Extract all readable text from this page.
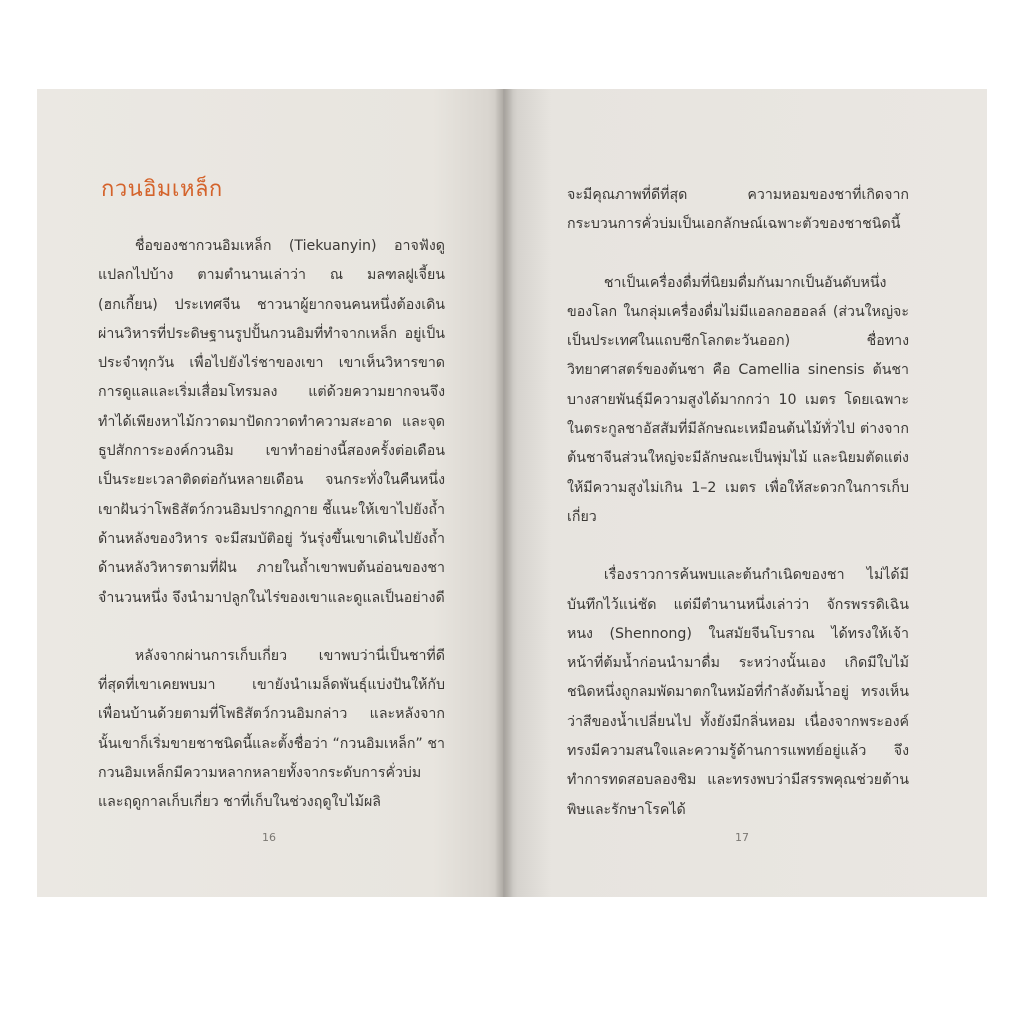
กวนอิมเหล็ก

ชื่อของชากวนอิมเหล็ก (Tiekuanyin) อาจฟังดูแปลกไปบ้าง ตามตำนานเล่าว่า ณ มลฑลฝูเจี้ยน (ฮกเกี้ยน) ประเทศจีน ชาวนาผู้ยากจนคนหนึ่งต้องเดินผ่านวิหารที่ประดิษฐานรูปปั้นกวนอิมที่ทำจากเหล็ก อยู่เป็นประจำทุกวัน เพื่อไปยังไร่ชาของเขา เขาเห็นวิหารขาดการดูแลและเริ่มเสื่อมโทรมลง แต่ด้วยความยากจนจึงทำได้เพียงหาไม้กวาดมาปัดกวาดทำความสะอาด และจุดธูปสักการะองค์กวนอิม เขาทำอย่างนี้สองครั้งต่อเดือน เป็นระยะเวลาติดต่อกันหลายเดือน จนกระทั่งในคืนหนึ่งเขาฝันว่าโพธิสัตว์กวนอิมปรากฏกาย ชี้แนะให้เขาไปยังถ้ำด้านหลังของวิหาร จะมีสมบัติอยู่ วันรุ่งขึ้นเขาเดินไปยังถ้ำด้านหลังวิหารตามที่ฝัน ภายในถ้ำเขาพบต้นอ่อนของชาจำนวนหนึ่ง จึงนำมาปลูกในไร่ของเขาและดูแลเป็นอย่างดี

หลังจากผ่านการเก็บเกี่ยว เขาพบว่านี่เป็นชาที่ดีที่สุดที่เขาเคยพบมา เขายังนำเมล็ดพันธุ์แบ่งปันให้กับเพื่อนบ้านด้วยตามที่โพธิสัตว์กวนอิมกล่าว และหลังจากนั้นเขาก็เริ่มขายชาชนิดนี้และตั้งชื่อว่า “กวนอิมเหล็ก” ชากวนอิมเหล็กมีความหลากหลายทั้งจากระดับการคั่วบ่มและฤดูกาลเก็บเกี่ยว ชาที่เก็บในช่วงฤดูใบไม้ผลิ

16

จะมีคุณภาพที่ดีที่สุด ความหอมของชาที่เกิดจากกระบวนการคั่วบ่มเป็นเอกลักษณ์เฉพาะตัวของชาชนิดนี้

ชาเป็นเครื่องดื่มที่นิยมดื่มกันมากเป็นอันดับหนึ่งของโลก ในกลุ่มเครื่องดื่มไม่มีแอลกอฮอลล์ (ส่วนใหญ่จะเป็นประเทศในแถบซีกโลกตะวันออก) ชื่อทางวิทยาศาสตร์ของต้นชา คือ Camellia sinensis ต้นชาบางสายพันธุ์มีความสูงได้มากกว่า 10 เมตร โดยเฉพาะในตระกูลชาอัสสัมที่มีลักษณะเหมือนต้นไม้ทั่วไป ต่างจากต้นชาจีนส่วนใหญ่จะมีลักษณะเป็นพุ่มไม้ และนิยมตัดแต่งให้มีความสูงไม่เกิน 1–2 เมตร เพื่อให้สะดวกในการเก็บเกี่ยว

เรื่องราวการค้นพบและต้นกำเนิดของชา ไม่ได้มีบันทึกไว้แน่ชัด แต่มีตำนานหนึ่งเล่าว่า จักรพรรดิเฉินหนง (Shennong) ในสมัยจีนโบราณ ได้ทรงให้เจ้าหน้าที่ต้มน้ำก่อนนำมาดื่ม ระหว่างนั้นเอง เกิดมีใบไม้ชนิดหนึ่งถูกลมพัดมาตกในหม้อที่กำลังต้มน้ำอยู่ ทรงเห็นว่าสีของน้ำเปลี่ยนไป ทั้งยังมีกลิ่นหอม เนื่องจากพระองค์ทรงมีความสนใจและความรู้ด้านการแพทย์อยู่แล้ว จึงทำการทดสอบลองชิม และทรงพบว่ามีสรรพคุณช่วยต้านพิษและรักษาโรคได้

17
